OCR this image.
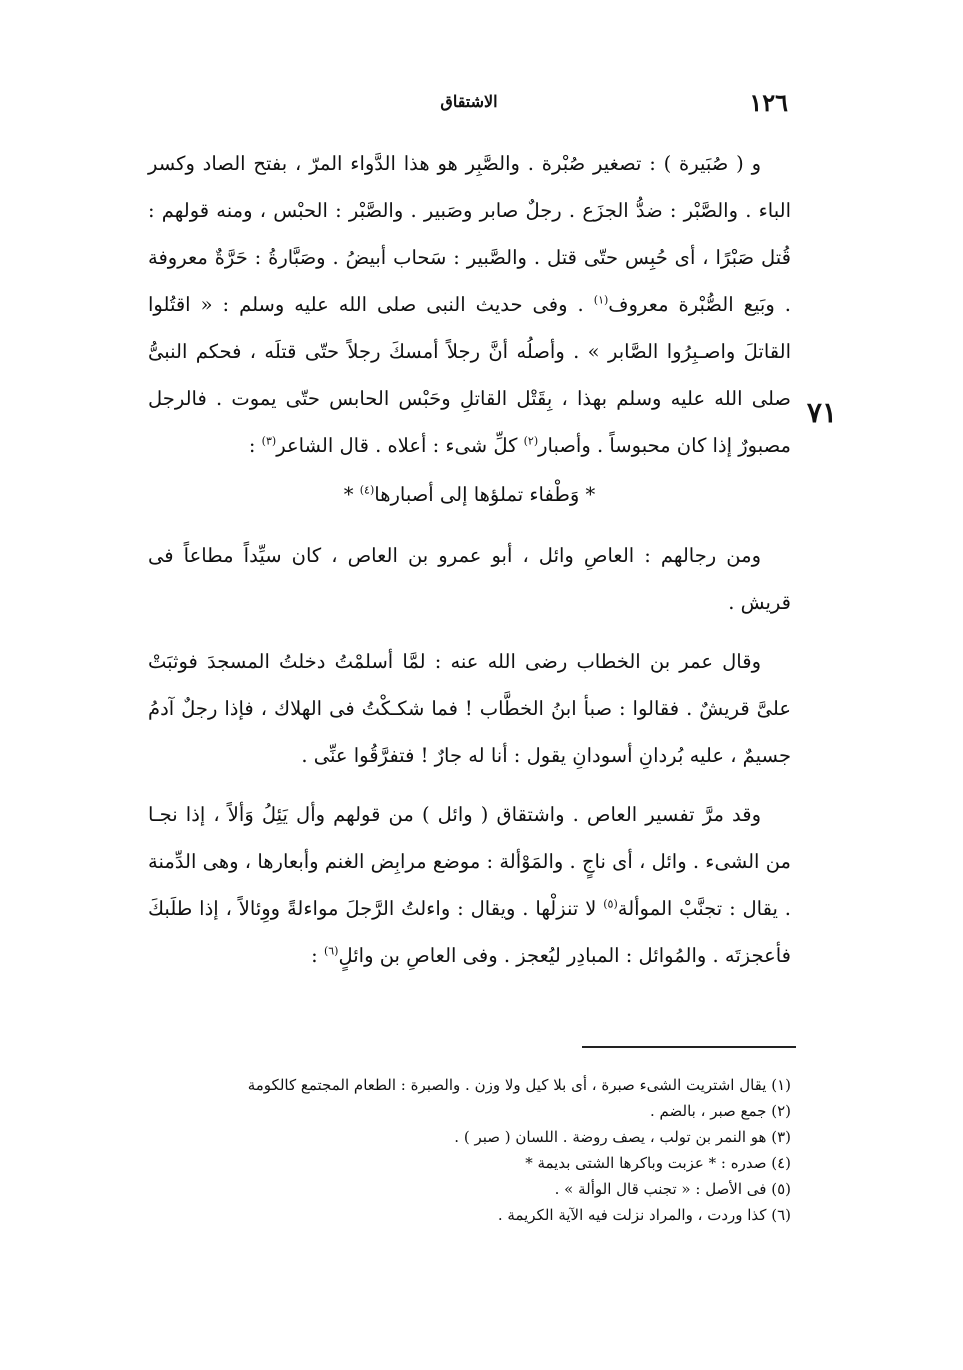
١٢٦
الاشتقاق
٧١

و ( صُبَيرة ) : تصغير صُبْرة . والصَّبِر هو هذا الدَّواء المرّ ، بفتح الصاد وكسر الباء . والصَّبْر : ضدُّ الجزَع . رجلٌ صابر وصَبير . والصَّبْر : الحبْس ، ومنه قولهم : قُتل صَبْرًا ، أى حُبِس حتّى قتل . والصَّبير : سَحاب أبيضُ . وصَبَّارةُ : حَرَّةٌ معروفة . وبَيع الصُّبْرة معروف$^{(١)}$ . وفى حديث النبى صلى الله عليه وسلم : « اقتُلوا القاتلَ واصـبِرُوا الصَّابر » . وأصلُه أنَّ رجلاً أمسكَ رجلاً حتّى قتلَه ، فحكم النبىُّ صلى الله عليه وسلم بهذا ، بِقَتْل القاتلِ وحَبْس الحابس حتّى يموت . فالرجل مصبورٌ إذا كان محبوساً . وأصبار$^{(٢)}$ كلِّ شىء : أعلاه . قال الشاعر$^{(٣)}$ :

* وَطْفاء تملؤها إلى أصبارها$^{(٤)}$ *

ومن رجالهم : العاصِ وائل ، أبو عمرو بن العاص ، كان سيِّداً مطاعاً فى قريش .

وقال عمر بن الخطاب رضى الله عنه : لمَّا أسلمْتُ دخلتُ المسجدَ فوثبَتْ علىَّ قريشٌ . فقالوا : صبأ ابنُ الخطَّاب ! فما شكـكْتُ فى الهلاك ، فإذا رجلٌ آدمُ جسيمٌ ، عليه بُردانِ أسودانِ يقول : أنا له جارٌ ! فتفرَّقُوا عنِّى .

وقد مرَّ تفسير العاص . واشتقاق ( وائل ) من قولهم وأل يَئِلُ وَألاً ، إذا نجـا من الشىء . وائل ، أى ناجٍ . والمَوْألة : موضع مرابِض الغنم وأبعارها ، وهى الدِّمنة . يقال : تجنَّبْ الموألة$^{(٥)}$ لا تنزلْها . ويقال : واءلتُ الرَّجلَ مواءلةً ووِئالاً ، إذا طلَبكَ فأعجزتَه . والمُوائل : المبادِر ليُعجز . وفى العاصِ بن وائلٍ$^{(٦)}$ :

(١) يقال اشتريت الشىء صبرة ، أى بلا كيل ولا وزن . والصبرة : الطعام المجتمع كالكومة

(٢) جمع صبر ، بالضم .

(٣) هو النمر بن تولب ، يصف روضة . اللسان ( صبر ) .

(٤) صدره : * عزبت وباكرها الشتى بديمة *

(٥) فى الأصل : « تجنب قال الوألة » .

(٦) كذا وردت ، والمراد نزلت فيه الآية الكريمة .
